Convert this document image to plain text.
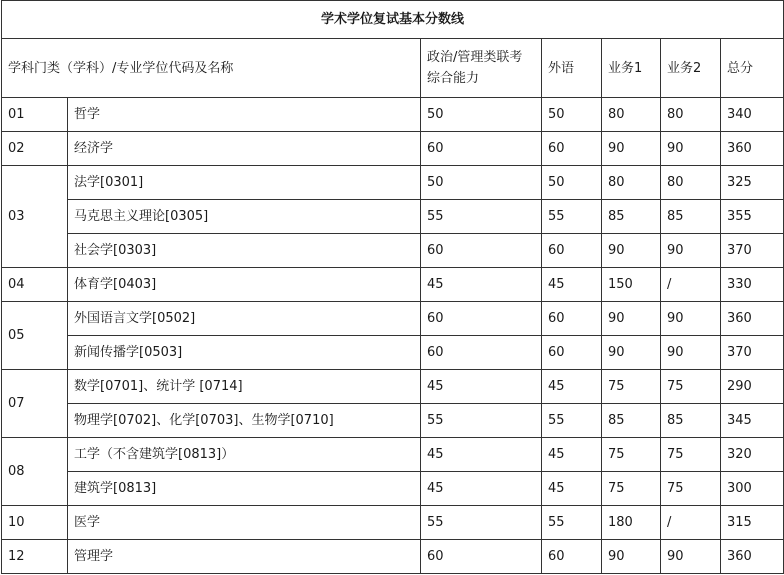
学术学位复试基本分数线						
学科门类（学科）/专业学位代码及名称		政治/管理类联考综合能力	外语	业务1	业务2	总分
01	哲学	50	50	80	80	340
02	经济学	60	60	90	90	360
03	法学[0301]	50	50	80	80	325
	马克思主义理论[0305]	55	55	85	85	355
	社会学[0303]	60	60	90	90	370
04	体育学[0403]	45	45	150	/	330
05	外国语言文学[0502]	60	60	90	90	360
	新闻传播学[0503]	60	60	90	90	370
07	数学[0701]、统计学 [0714]	45	45	75	75	290
	物理学[0702]、化学[0703]、生物学[0710]	55	55	85	85	345
08	工学（不含建筑学[0813]）	45	45	75	75	320
	建筑学[0813]	45	45	75	75	300
10	医学	55	55	180	/	315
12	管理学	60	60	90	90	360
